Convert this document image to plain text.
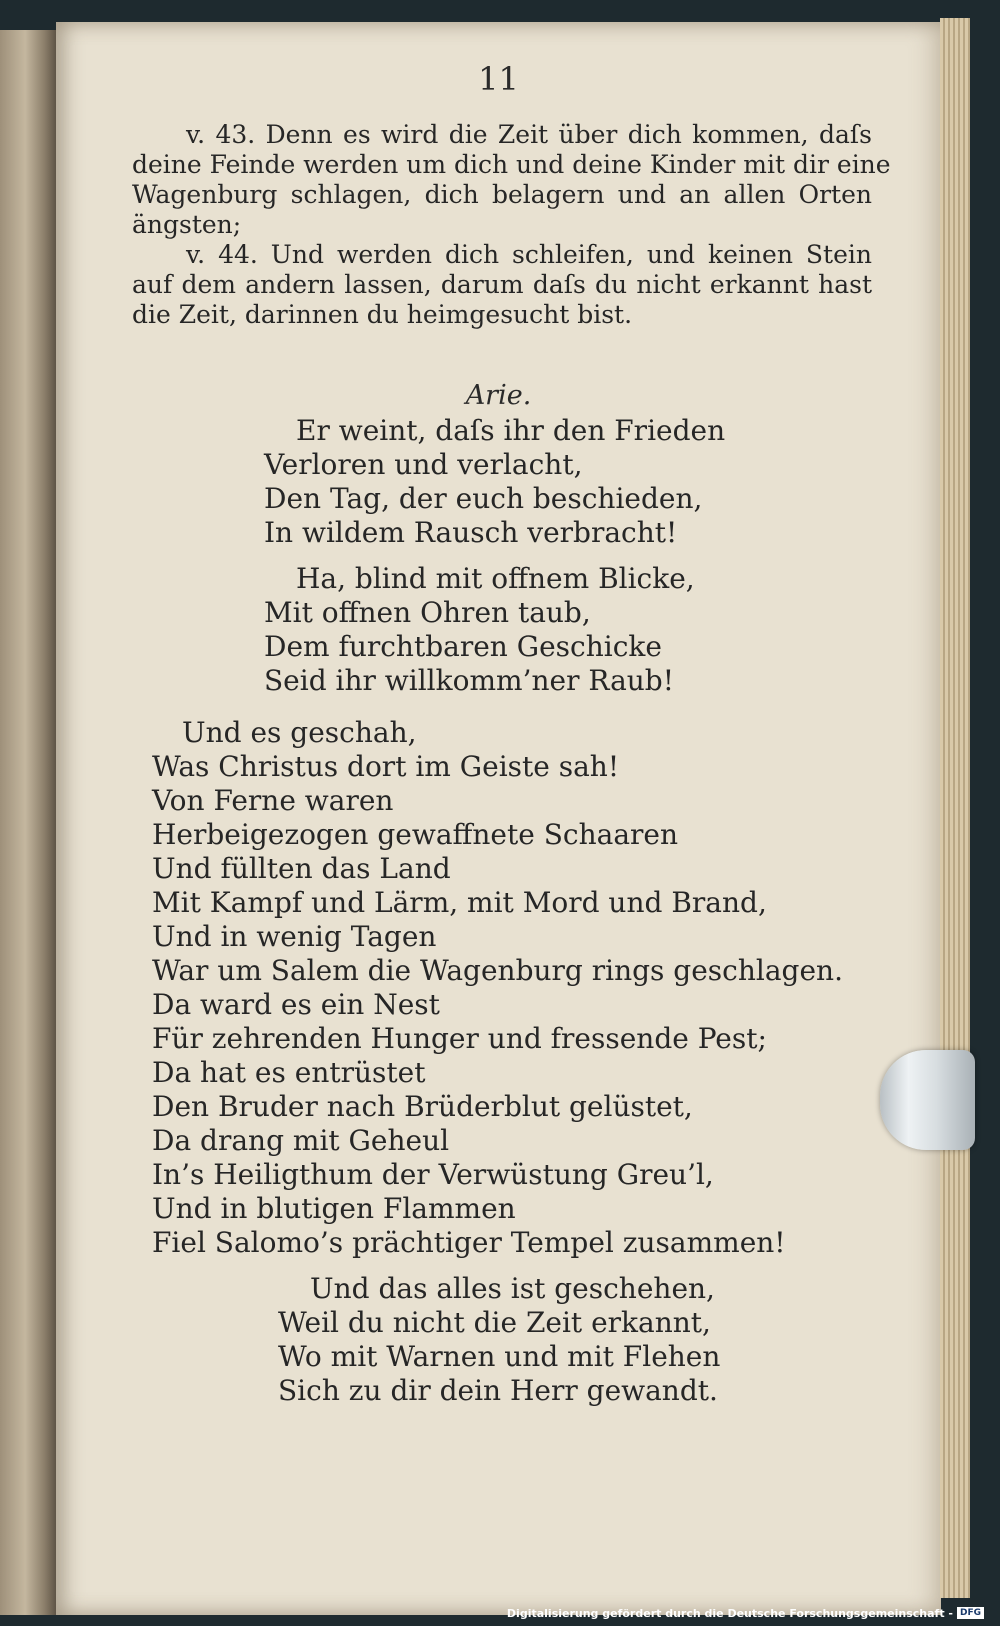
11
v. 43. Denn es wird die Zeit über dich kommen, daſs
deine Feinde werden um dich und deine Kinder mit dir eine
Wagenburg schlagen, dich belagern und an allen Orten
ängsten;
v. 44. Und werden dich schleifen, und keinen Stein
auf dem andern lassen, darum daſs du nicht erkannt hast
die Zeit, darinnen du heimgesucht bist.
Arie.
Er weint, daſs ihr den Frieden
Verloren und verlacht,
Den Tag, der euch beschieden,
In wildem Rausch verbracht!
Ha, blind mit offnem Blicke,
Mit offnen Ohren taub,
Dem furchtbaren Geschicke
Seid ihr willkomm’ner Raub!
Und es geschah,
Was Christus dort im Geiste sah!
Von Ferne waren
Herbeigezogen gewaffnete Schaaren
Und füllten das Land
Mit Kampf und Lärm, mit Mord und Brand,
Und in wenig Tagen
War um Salem die Wagenburg rings geschlagen.
Da ward es ein Nest
Für zehrenden Hunger und fressende Pest;
Da hat es entrüstet
Den Bruder nach Brüderblut gelüstet,
Da drang mit Geheul
In’s Heiligthum der Verwüstung Greu’l,
Und in blutigen Flammen
Fiel Salomo’s prächtiger Tempel zusammen!
Und das alles ist geschehen,
Weil du nicht die Zeit erkannt,
Wo mit Warnen und mit Flehen
Sich zu dir dein Herr gewandt.
Digitalisierung gefördert durch die Deutsche Forschungsgemeinschaft - DFG
